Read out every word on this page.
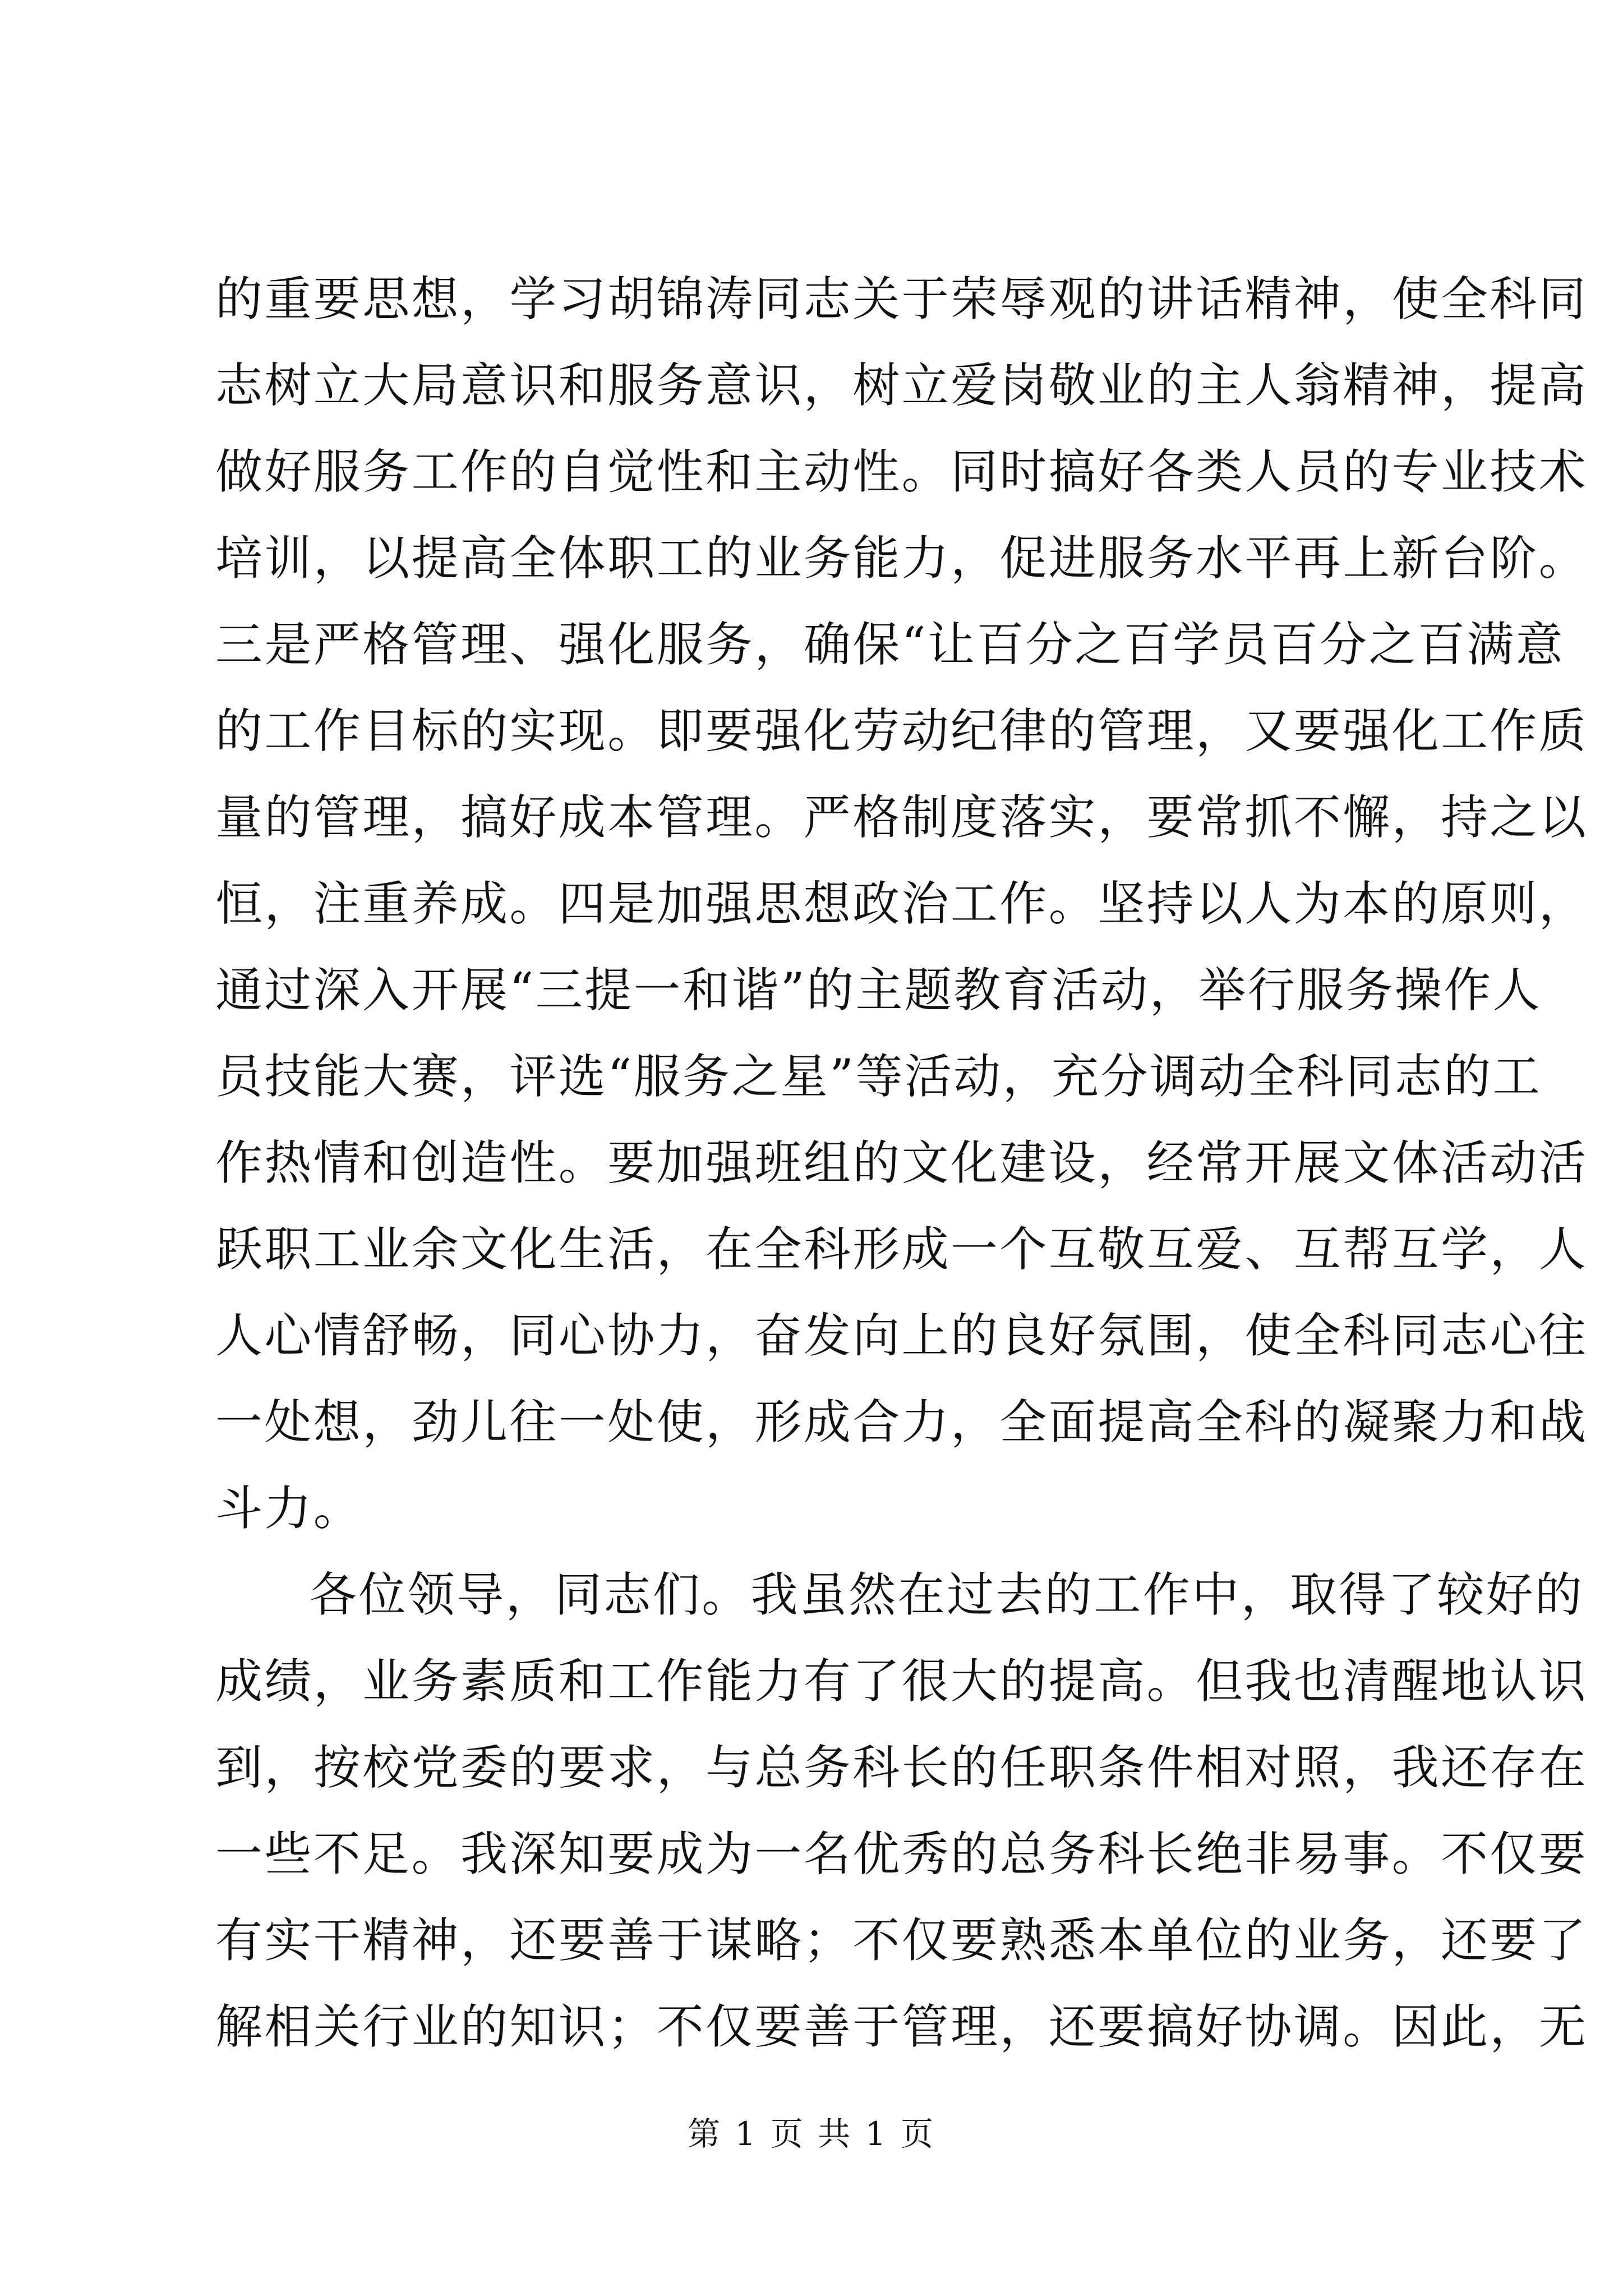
的重要思想，学习胡锦涛同志关于荣辱观的讲话精神，使全科同
志树立大局意识和服务意识，树立爱岗敬业的主人翁精神，提高
做好服务工作的自觉性和主动性。同时搞好各类人员的专业技术
培训，以提高全体职工的业务能力，促进服务水平再上新台阶。
三是严格管理、强化服务，确保“让百分之百学员百分之百满意
的工作目标的实现。即要强化劳动纪律的管理，又要强化工作质
量的管理，搞好成本管理。严格制度落实，要常抓不懈，持之以
恒，注重养成。四是加强思想政治工作。坚持以人为本的原则，
通过深入开展“三提一和谐”的主题教育活动，举行服务操作人
员技能大赛，评选“服务之星”等活动，充分调动全科同志的工
作热情和创造性。要加强班组的文化建设，经常开展文体活动活
跃职工业余文化生活，在全科形成一个互敬互爱、互帮互学，人
人心情舒畅，同心协力，奋发向上的良好氛围，使全科同志心往
一处想，劲儿往一处使，形成合力，全面提高全科的凝聚力和战
斗力。
各位领导，同志们。我虽然在过去的工作中，取得了较好的
成绩，业务素质和工作能力有了很大的提高。但我也清醒地认识
到，按校党委的要求，与总务科长的任职条件相对照，我还存在
一些不足。我深知要成为一名优秀的总务科长绝非易事。不仅要
有实干精神，还要善于谋略；不仅要熟悉本单位的业务，还要了
解相关行业的知识；不仅要善于管理，还要搞好协调。因此，无
第 1 页 共 1 页
